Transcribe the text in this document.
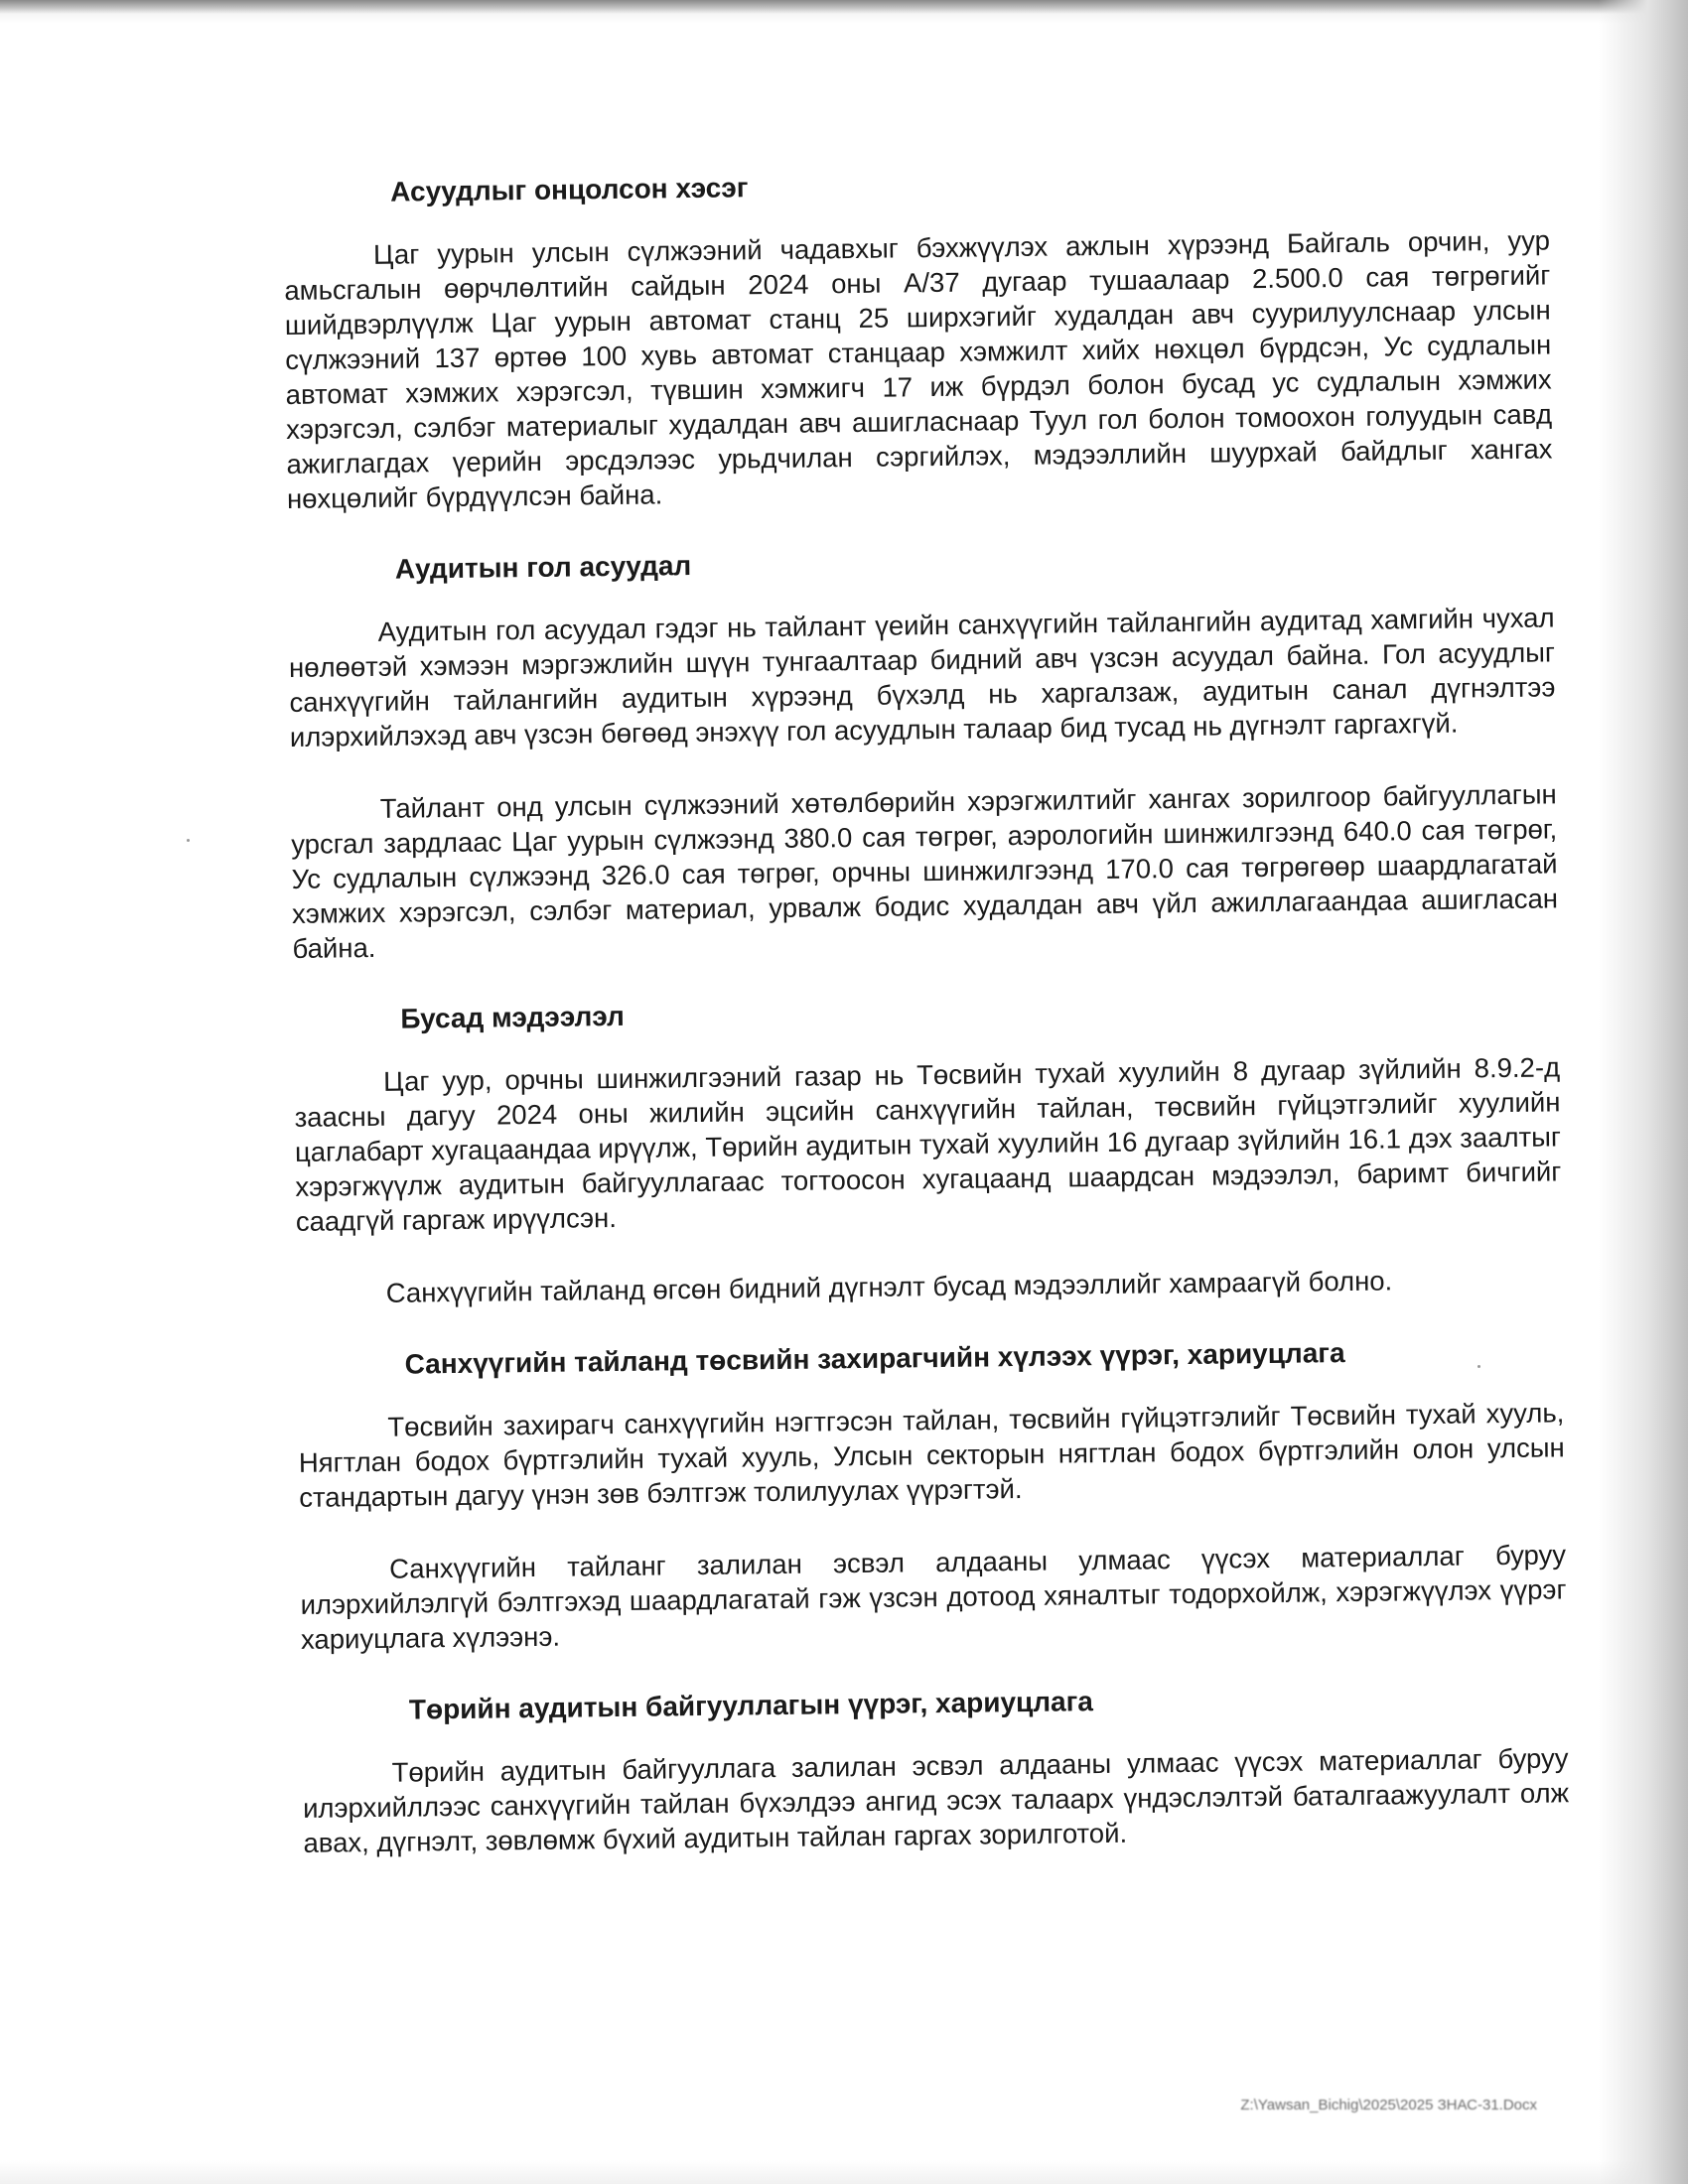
Асуудлыг онцолсон хэсэг

Цаг уурын улсын сүлжээний чадавхыг бэхжүүлэх ажлын хүрээнд Байгаль орчин, уур амьсгалын өөрчлөлтийн сайдын 2024 оны А/37 дугаар тушаалаар 2.500.0 сая төгрөгийг шийдвэрлүүлж Цаг уурын автомат станц 25 ширхэгийг худалдан авч суурилуулснаар улсын сүлжээний 137 өртөө 100 хувь автомат станцаар хэмжилт хийх нөхцөл бүрдсэн, Ус судлалын автомат хэмжих хэрэгсэл, түвшин хэмжигч 17 иж бүрдэл болон бусад ус судлалын хэмжих хэрэгсэл, сэлбэг материалыг худалдан авч ашигласнаар Туул гол болон томоохон голуудын савд ажиглагдах үерийн эрсдэлээс урьдчилан сэргийлэх, мэдээллийн шуурхай байдлыг хангах нөхцөлийг бүрдүүлсэн байна.

Аудитын гол асуудал

Аудитын гол асуудал гэдэг нь тайлант үеийн санхүүгийн тайлангийн аудитад хамгийн чухал нөлөөтэй хэмээн мэргэжлийн шүүн тунгаалтаар бидний авч үзсэн асуудал байна. Гол асуудлыг санхүүгийн тайлангийн аудитын хүрээнд бүхэлд нь харгалзаж, аудитын санал дүгнэлтээ илэрхийлэхэд авч үзсэн бөгөөд энэхүү гол асуудлын талаар бид тусад нь дүгнэлт гаргахгүй.

Тайлант онд улсын сүлжээний хөтөлбөрийн хэрэгжилтийг хангах зорилгоор байгууллагын урсгал зардлаас Цаг уурын сүлжээнд 380.0 сая төгрөг, аэрологийн шинжилгээнд 640.0 сая төгрөг, Ус судлалын сүлжээнд 326.0 сая төгрөг, орчны шинжилгээнд 170.0 сая төгрөгөөр шаардлагатай хэмжих хэрэгсэл, сэлбэг материал, урвалж бодис худалдан авч үйл ажиллагаандаа ашигласан байна.

Бусад мэдээлэл

Цаг уур, орчны шинжилгээний газар нь Төсвийн тухай хуулийн 8 дугаар зүйлийн 8.9.2-д заасны дагуу 2024 оны жилийн эцсийн санхүүгийн тайлан, төсвийн гүйцэтгэлийг хуулийн цаглабарт хугацаандаа ирүүлж, Төрийн аудитын тухай хуулийн 16 дугаар зүйлийн 16.1 дэх заалтыг хэрэгжүүлж аудитын байгууллагаас тогтоосон хугацаанд шаардсан мэдээлэл, баримт бичгийг саадгүй гаргаж ирүүлсэн.

Санхүүгийн тайланд өгсөн бидний дүгнэлт бусад мэдээллийг хамраагүй болно.

Санхүүгийн тайланд төсвийн захирагчийн хүлээх үүрэг, хариуцлага

Төсвийн захирагч санхүүгийн нэгтгэсэн тайлан, төсвийн гүйцэтгэлийг Төсвийн тухай хууль, Нягтлан бодох бүртгэлийн тухай хууль, Улсын секторын нягтлан бодох бүртгэлийн олон улсын стандартын дагуу үнэн зөв бэлтгэж толилуулах үүрэгтэй.

Санхүүгийн тайланг залилан эсвэл алдааны улмаас үүсэх материаллаг буруу илэрхийлэлгүй бэлтгэхэд шаардлагатай гэж үзсэн дотоод хяналтыг тодорхойлж, хэрэгжүүлэх үүрэг хариуцлага хүлээнэ.

Төрийн аудитын байгууллагын үүрэг, хариуцлага

Төрийн аудитын байгууллага залилан эсвэл алдааны улмаас үүсэх материаллаг буруу илэрхийллээс санхүүгийн тайлан бүхэлдээ ангид эсэх талаарх үндэслэлтэй баталгаажуулалт олж авах, дүгнэлт, зөвлөмж бүхий аудитын тайлан гаргах зорилготой.

Z:\Yawsan_Bichig\2025\2025 ЗНАС-31.Docx
